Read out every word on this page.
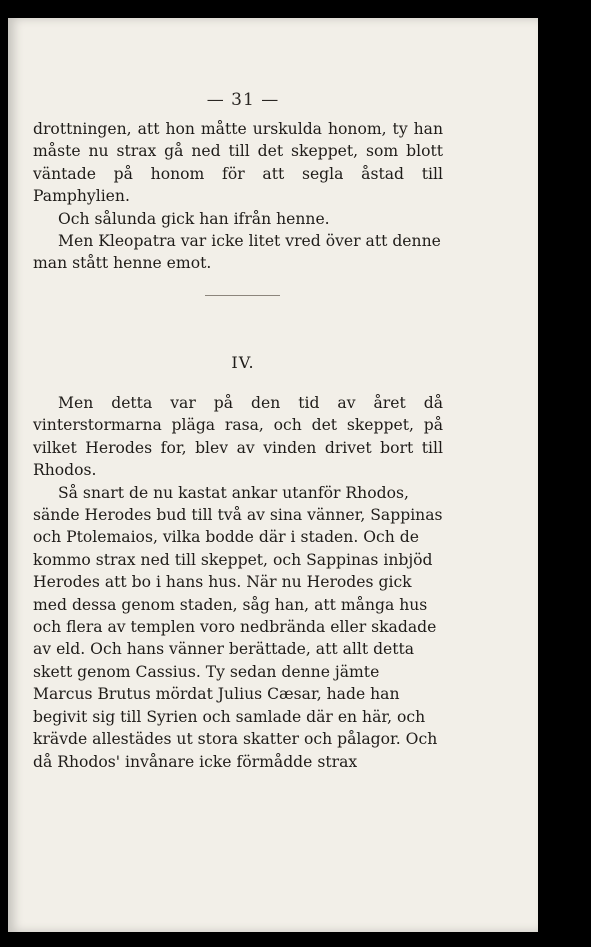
— 31 —

drottningen, att hon måtte urskulda honom, ty han måste nu strax gå ned till det skeppet, som blott väntade på honom för att segla åstad till Pamphylien.

Och sålunda gick han ifrån henne.

Men Kleopatra var icke litet vred över att denne man stått henne emot.

IV.

Men detta var på den tid av året då vinterstormarna pläga rasa, och det skeppet, på vilket Herodes for, blev av vinden drivet bort till Rhodos.

Så snart de nu kastat ankar utanför Rhodos, sände Herodes bud till två av sina vänner, Sappinas och Ptolemaios, vilka bodde där i staden. Och de kommo strax ned till skeppet, och Sappinas inbjöd Herodes att bo i hans hus. När nu Herodes gick med dessa genom staden, såg han, att många hus och flera av templen voro nedbrända eller skadade av eld. Och hans vänner berättade, att allt detta skett genom Cassius. Ty sedan denne jämte Marcus Brutus mördat Julius Cæsar, hade han begivit sig till Syrien och samlade där en här, och krävde allestädes ut stora skatter och pålagor. Och då Rhodos' invånare icke förmådde strax
